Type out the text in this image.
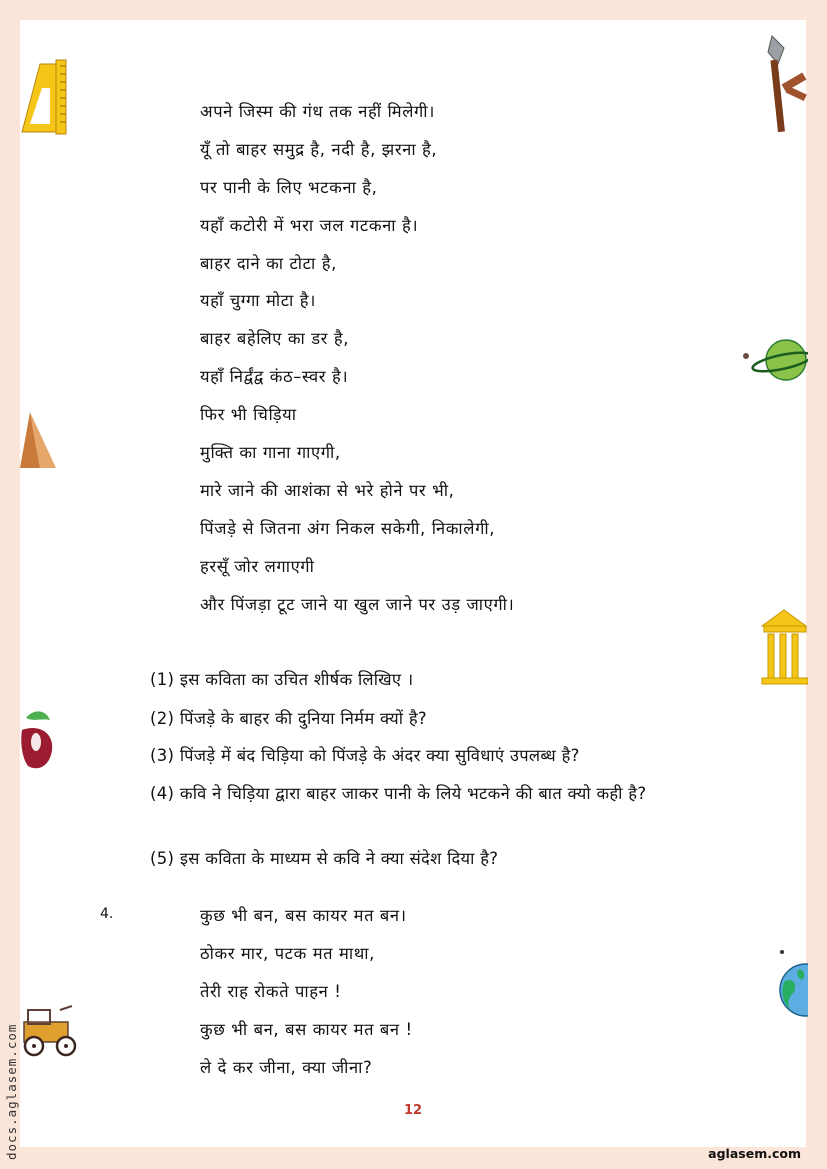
अपने जिस्म की गंध तक नहीं मिलेगी।
यूँ तो बाहर समुद्र है, नदी है, झरना है,
पर पानी के लिए भटकना है,
यहाँ कटोरी में भरा जल गटकना है।
बाहर दाने का टोटा है,
यहाँ चुग्गा मोटा है।
बाहर बहेलिए का डर है,
यहाँ निर्द्वंद्व कंठ–स्वर है।
फिर भी चिड़िया
मुक्ति का गाना गाएगी,
मारे जाने की आशंका से भरे होने पर भी,
पिंजड़े से जितना अंग निकल सकेगी, निकालेगी,
हरसूँ जोर लगाएगी
और पिंजड़ा टूट जाने या खुल जाने पर उड़ जाएगी।
(1) इस कविता का उचित शीर्षक लिखिए ।
(2) पिंजड़े के बाहर की दुनिया निर्मम क्यों है?
(3) पिंजड़े में बंद चिड़िया को पिंजड़े के अंदर क्या सुविधाएं उपलब्ध है?
(4) कवि ने चिड़िया द्वारा बाहर जाकर पानी के लिये भटकने की बात क्यो कही है?
(5) इस कविता के माध्यम से कवि ने क्या संदेश दिया है?
4.	कुछ भी बन, बस कायर मत बन।
ठोकर मार, पटक मत माथा,
तेरी राह रोकते पाहन !
कुछ भी बन, बस कायर मत बन !
ले दे कर जीना, क्या जीना?
12
docs.aglasem.com	aglasem.com
